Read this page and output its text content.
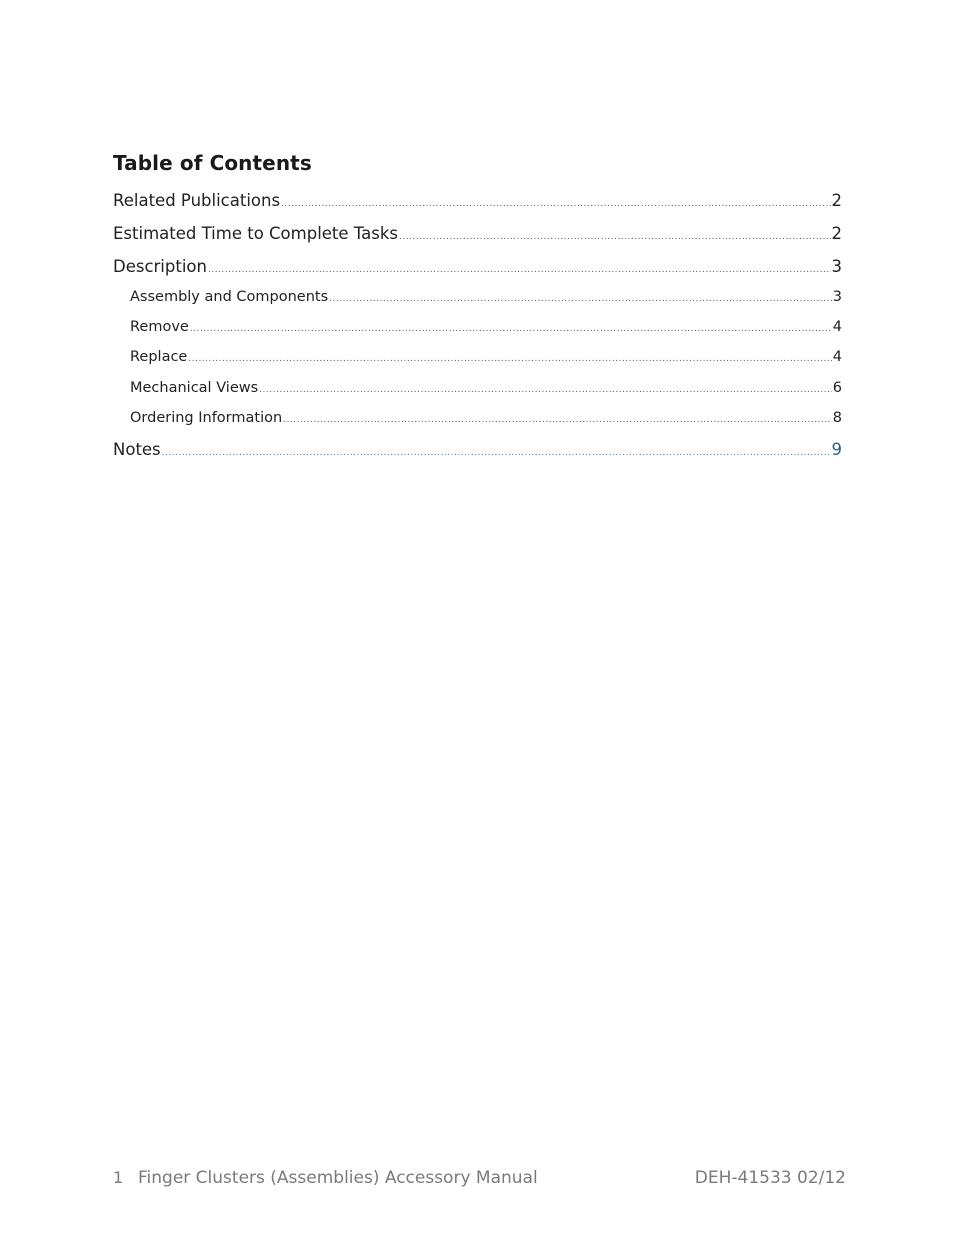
Table of Contents
Related Publications .....	2
Estimated Time to Complete Tasks .....	2
Description .....	3
Assembly and Components .....	3
Remove .....	4
Replace .....	4
Mechanical Views .....	6
Ordering Information .....	8
Notes .....	9
1 Finger Clusters (Assemblies) Accessory Manual	DEH-41533 02/12
